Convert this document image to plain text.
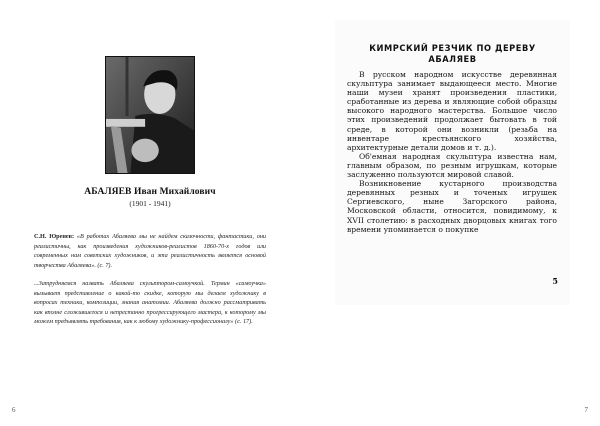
АБАЛЯЕВ Иван Михайлович
(1901 - 1941)
С.Н. Юренев: «В работах Абаляева мы не найдем сказочности, фантастики, они реалистичны, как произведения художников-реалистов 1860-70-х годов или современных нам советских художников, и эта реалистичность является основой творчества Абаляева». (с. 7).
...Затрудняемся назвать Абаляева скульптором-самоучкой. Термин «самоучка» вызывает представление о какой-то скидке, которую мы делаем художнику в вопросах техники, композиции, знания анатомии. Абаляева должно рассматривать как вполне сложившегося и непрестанно прогрессирующего мастера, к которому мы можем предъявлять требования, как к любому художнику-профессионалу» (с. 17).
6
КИМРСКИЙ РЕЗЧИК ПО ДЕРЕВУ
АБАЛЯЕВ

В русском народном искусстве деревянная скульптура занимает выдающееся место. Многие наши музеи хранят произведения пластики, сработанные из дерева и являющие собой образцы высокого народного мастерства. Большое число этих произведений продолжает бытовать в той среде, в которой они возникли (резьба на инвентаре крестьянского хозяйства, архитектурные детали домов и т. д.).

Об'емная народная скульптура известна нам, главным образом, по резным игрушкам, которые заслуженно пользуются мировой славой.

Возникновение кустарного производства деревянных резных и точеных игрушек Сергиевского, ныне Загорского района, Московской области, относится, повидимому, к XVII столетию: в расходных дворцовых книгах того времени упоминается о покупке

5
7
